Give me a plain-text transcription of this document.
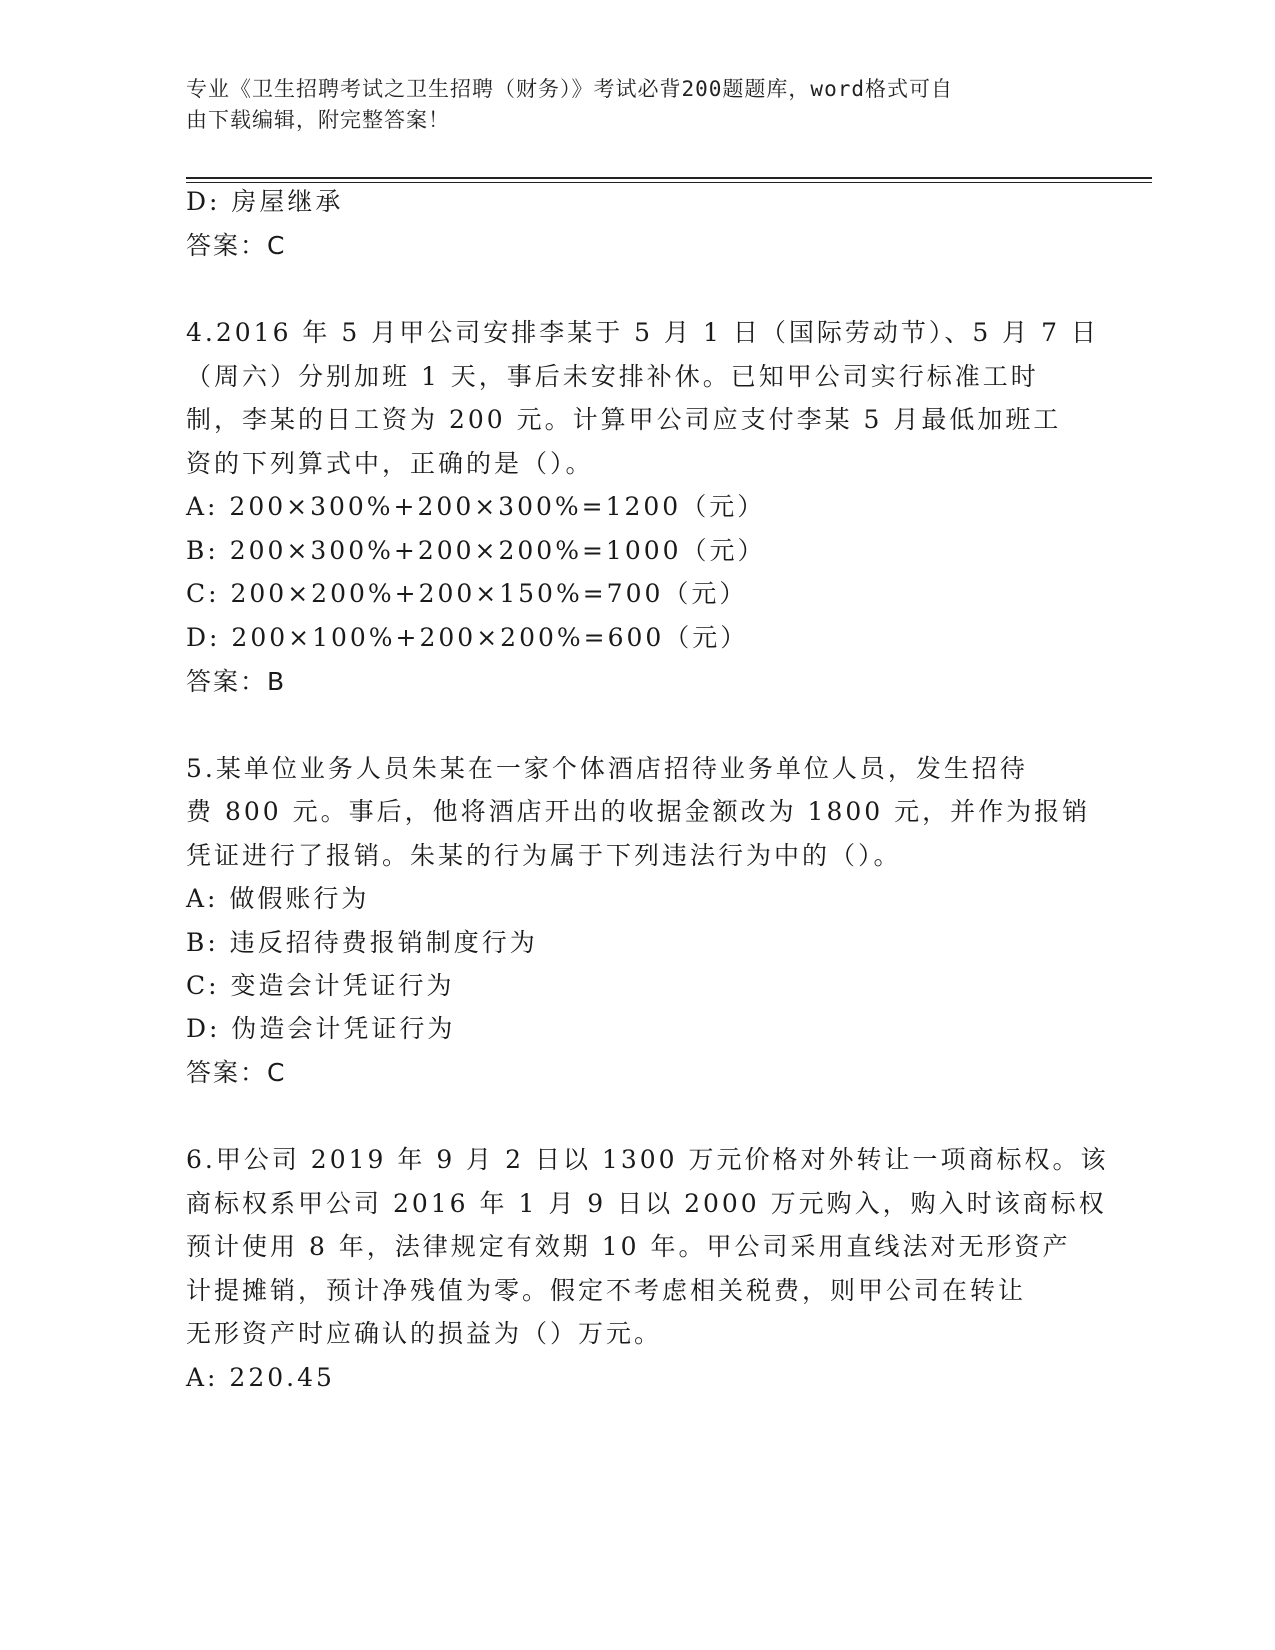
专业《卫生招聘考试之卫生招聘（财务）》考试必背200题题库，word格式可自
由下载编辑，附完整答案！
D: 房屋继承
答案：C
4.2016 年 5 月甲公司安排李某于 5 月 1 日（国际劳动节）、5 月 7 日
（周六）分别加班 1 天，事后未安排补休。已知甲公司实行标准工时
制，李某的日工资为 200 元。计算甲公司应支付李某 5 月最低加班工
资的下列算式中，正确的是（）。
A: 200×300%+200×300%=1200（元）
B: 200×300%+200×200%=1000（元）
C: 200×200%+200×150%=700（元）
D: 200×100%+200×200%=600（元）
答案：B
5.某单位业务人员朱某在一家个体酒店招待业务单位人员，发生招待
费 800 元。事后，他将酒店开出的收据金额改为 1800 元，并作为报销
凭证进行了报销。朱某的行为属于下列违法行为中的（）。
A: 做假账行为
B: 违反招待费报销制度行为
C: 变造会计凭证行为
D: 伪造会计凭证行为
答案：C
6.甲公司 2019 年 9 月 2 日以 1300 万元价格对外转让一项商标权。该
商标权系甲公司 2016 年 1 月 9 日以 2000 万元购入，购入时该商标权
预计使用 8 年，法律规定有效期 10 年。甲公司采用直线法对无形资产
计提摊销，预计净残值为零。假定不考虑相关税费，则甲公司在转让
无形资产时应确认的损益为（）万元。
A: 220.45
